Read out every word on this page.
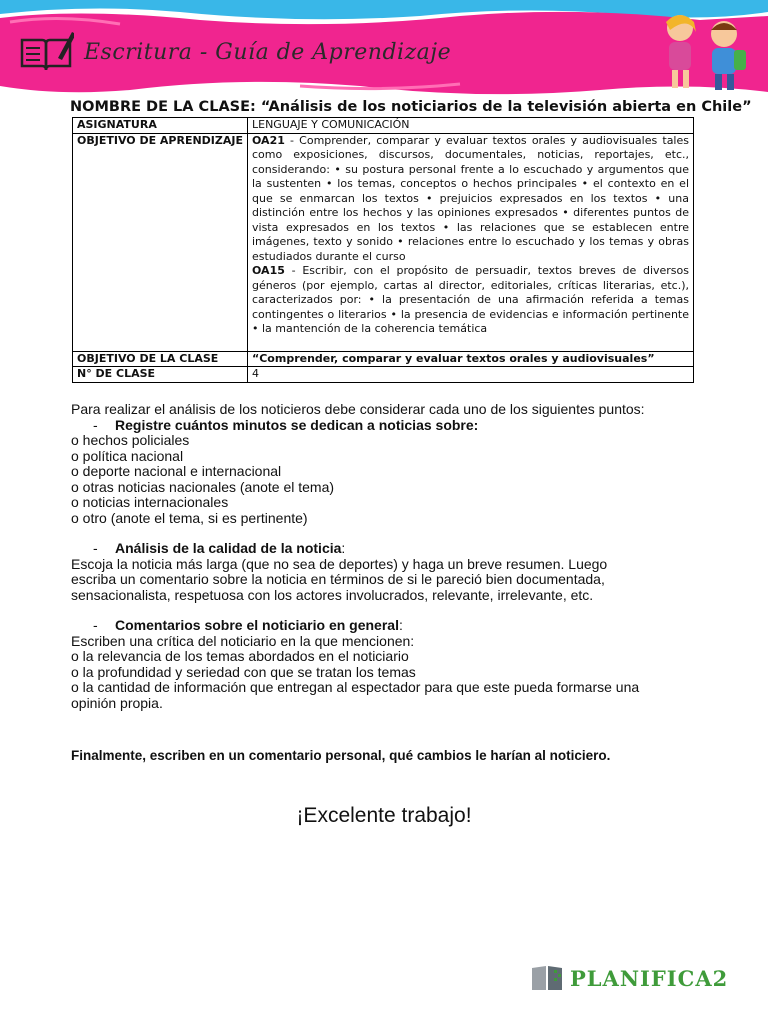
Escritura - Guía de Aprendizaje
NOMBRE DE LA CLASE: “Análisis de los noticiarios de la televisión abierta en Chile”
ASIGNATURA	LENGUAJE Y COMUNICACIÓN
OBJETIVO DE APRENDIZAJE	OA21 - Comprender, comparar y evaluar textos orales y audiovisuales tales como exposiciones, discursos, documentales, noticias, reportajes, etc., considerando: • su postura personal frente a lo escuchado y argumentos que la sustenten • los temas, conceptos o hechos principales • el contexto en el que se enmarcan los textos • prejuicios expresados en los textos • una distinción entre los hechos y las opiniones expresados • diferentes puntos de vista expresados en los textos • las relaciones que se establecen entre imágenes, texto y sonido • relaciones entre lo escuchado y los temas y obras estudiados durante el curso
OA15 - Escribir, con el propósito de persuadir, textos breves de diversos géneros (por ejemplo, cartas al director, editoriales, críticas literarias, etc.), caracterizados por: • la presentación de una afirmación referida a temas contingentes o literarios • la presencia de evidencias e información pertinente • la mantención de la coherencia temática

OBJETIVO DE LA CLASE	“Comprender, comparar y evaluar textos orales y audiovisuales”
N° DE CLASE	4

Para realizar el análisis de los noticieros debe considerar cada uno de los siguientes puntos:

- Registre cuántos minutos se dedican a noticias sobre:

o hechos policiales

o política nacional

o deporte nacional e internacional

o otras noticias nacionales (anote el tema)

o noticias internacionales

o otro (anote el tema, si es pertinente)

- Análisis de la calidad de la noticia:

Escoja la noticia más larga (que no sea de deportes) y haga un breve resumen. Luego

escriba un comentario sobre la noticia en términos de si le pareció bien documentada,

sensacionalista, respetuosa con los actores involucrados, relevante, irrelevante, etc.

- Comentarios sobre el noticiario en general:

Escriben una crítica del noticiario en la que mencionen:

o la relevancia de los temas abordados en el noticiario

o la profundidad y seriedad con que se tratan los temas

o la cantidad de información que entregan al espectador para que este pueda formarse una

opinión propia.

Finalmente, escriben en un comentario personal, qué cambios le harían al noticiero.
¡Excelente trabajo!
PLANIFICA2
